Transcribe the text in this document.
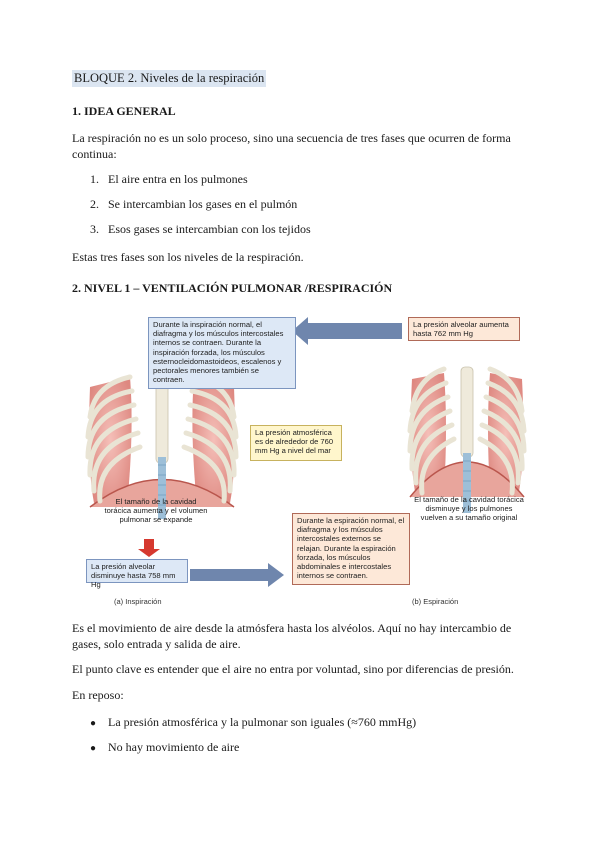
BLOQUE 2. Niveles de la respiración
1. IDEA GENERAL
La respiración no es un solo proceso, sino una secuencia de tres fases que ocurren de forma continua:
1. El aire entra en los pulmones
2. Se intercambian los gases en el pulmón
3. Esos gases se intercambian con los tejidos
Estas tres fases son los niveles de la respiración.
2. NIVEL 1 – VENTILACIÓN PULMONAR /RESPIRACIÓN
Durante la inspiración normal, el diafragma y los músculos intercostales internos se contraen. Durante la inspiración forzada, los músculos esternocleidomastoideos, escalenos y pectorales menores también se contraen.
La presión alveolar aumenta hasta 762 mm Hg
La presión atmosférica es de alrededor de 760 mm Hg a nivel del mar
El tamaño de la cavidad torácica aumenta y el volumen pulmonar se expande
El tamaño de la cavidad torácica disminuye y los pulmones vuelven a su tamaño original
Durante la espiración normal, el diafragma y los músculos intercostales externos se relajan. Durante la espiración forzada, los músculos abdominales e intercostales internos se contraen.
La presión alveolar disminuye hasta 758 mm Hg
(a) Inspiración	(b) Espiración
Es el movimiento de aire desde la atmósfera hasta los alvéolos. Aquí no hay intercambio de gases, solo entrada y salida de aire.
El punto clave es entender que el aire no entra por voluntad, sino por diferencias de presión.
En reposo:
● La presión atmosférica y la pulmonar son iguales (≈760 mmHg)
● No hay movimiento de aire
